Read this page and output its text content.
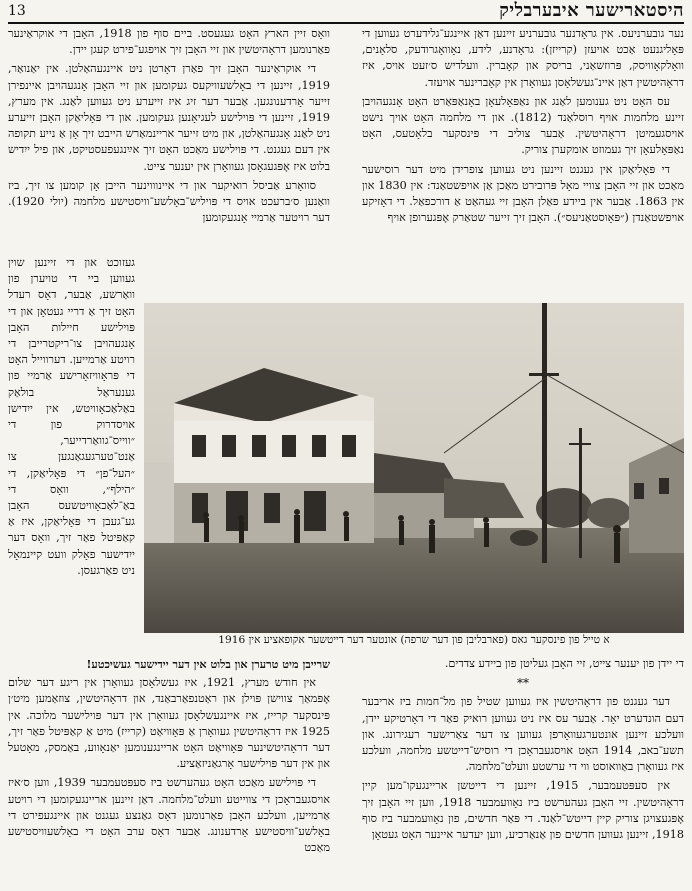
13	היסטארישער איבערבליק

נער גובערניעס. אין גראָדנער גובערניע זיינען דאַן איינגע־גלידערט געווען די פּאָליגנעט אַכט אויעזן (קרייזן): גראָדנע, לידע, נאָוואָגרודעק, סלאָנים, וואָלקאָוויסק, פּרוזשאַני, בריסק און קאָברין. וועלדיש ס׳זעט אויס, איז דראָהיטשין דאַן איינ־געשלאָסן געוואָרן אין קאָברינער אויעזד.

עס האָט ניט גענומען לאַנג און נאַפּאָלעאָן באָנאַפּאַרט האָט אָנגעהויבן זיינע מלחמות אויף רוסלאַנד (1812). און די מלחמה האָט אויך נישט אויסגעמיטן דראָהיטשין. אַבער צוליב די פּינסקער בלאָטעס, האָט נאַפּאָלעאָן זיך געמוזט אומקערן צוריק.

די פּאָליאַקן אין געגנט זיינען ניט געווען צופרידן מיט דער רוסישער מאַכט און זיי האָבן צוויי מאָל פּרובירט מאַכן אַן אויפשטאַנד: אין 1830 און אין 1863. אַבער אין ביידע פאַלן האָבן זיי געהאַט אַ דורכפאַל. די דאָזיקע אויפשטאַנדן (״פּאָוסטאַניעס״). האָבן זיך זייער שטאַרק אָפּגערופן אויף

וואָס זיין הארץ האָט געגעסט. ביים סוף פון 1918, האָבן די אוקראַינער פאַרנומען דראָהיטשין און זיי האָבן זיך אויפגע־פירט קעגן יידן.

די אוקראַינער האָבן זיך פאַרן דאָרטן ניט איינגעהאַלטן. אין יאַנואַר, 1919, זיינען די באָלשעוויקעס געקומען און זיי האָבן אָנגעהויבן איינפירן זייער אָרדענונגען. אַבער דער זיג איז זייערע ניט געווען לאַנג. אין מערץ, 1919, זיינען די פּוילישע לעגיאָנען געקומען. און די פּאָליאַקן האָבן זייערע ניט לאַנג אָנגעהאַלטן, און מיט זייער אריינמאַרש הייבט זיך אָן אַ נייע תקופה אין דעם געגנט. די פּוילישע מאַכט האָט זיך אײַנגעפעסטיקט, און פיל ייִדיש בלוט איז אָפּגעגאָסן געוואָרן אין יענער צייט.

סוואָרע אַביסל רואיקער און די איינוווינער הייבן אָן קומען צו זיך, ביז וואַנען ס׳ברעכט אויס די פּויליש־באָלשע־וויסטישע מלחמה (יולי 1920). דער רויטער אַרמיי אָנגעקומען

געזוכט און די זיינען שוין געווען ביי די טויערן פון וואַרשע, אַבער, דאָס רעדל האָט זיך אַ דריי געטאָן און די פּוילישע חיילות האָבן אָנגעהויבן צו־ריקטרייבן די רויטע אַרמייען. דערווייל האָט די פּראָוויזאָרישע אַרמיי פון גענעראַל בולאַק באַלאַכאָוויטש, אין ייִדישן אויסדרוק פון די ״ווייס־גוואַרדייער, אַנט־טערגעגאַנגען צו ״העל־פן״ די פּאָליאַקן, די ״הילף״, וואָס די באַ־לאַכאָוויטשעס האָבן גע־געבן די פּאָליאַקן, איז אַ קאַפּיטל פאַר זיך, וואָס דער ייִדישער פאָלק וועט קיינמאָל ניט פאַרגעסן.

א טייל פון פינסקער גאס (פארבליבן פון דער שרפה) אונטער דער דייטשער אקופאציע אין 1916

שרייבן מיט טרערן און בלוט אין דער יידישער געשיכטע!

אין חודש מערץ, 1921, איז געשלאָסן געוואָרן אין ריגע דער שלום אָפּמאַך צווישן פּוילן און ראַטנפאַרבאַנד, און דראָהיטשין, צוזאַמען מיט׳ן פּינסקער קרייז, איז איינגעשלאָסן געוואָרן אין דער פּוילישער מלוכה. אין 1925 איז דראָהיטשין געוואָרן אַ פּאָוויאַט (קרייז) מיט אַ קאַפּיטל פאַר זיך, דער דראָהיטשינער פּאָוויאַט האָט אריינגענומען יאַנאָווע, באַמסק, מאָטעל און אין דער פּוילישער אָרגאַניזאַציע.

די פּוילישע מאַכט האָט געהערשט ביז סעפּטעמבער 1939, ווען ס׳איז אויסגעבראָכן די צווייטע וועלט־מלחמה. דאַן זיינען אריינגעקומען די רויטע אַרמייען, וועלכע האָבן פאַרנומען דאָס גאַנצע געגנט און איינגעפירט די באָלשע־וויסטישע אָרדענונג. אַבער דאָס ערב האָט די באָלשעוויסטישע מאַכט

די יידן פון יענער צייט, זיי האָבן געליטן פון ביידע צדדים.

**

דער געגנט פון דראָהיטשין איז געווען שטיל פון מל־חמות ביז אריבער דעם הונדערט יאָר. אַבער עס איז ניט געווען רואיק פאַר די דאָרטיקע יידן, וועלכע זיינען אונטערגעוואָרפן געווען צו דער צאַרישער רעגירונג. און תשע־באב, 1914 האָט אויסגעבראָכן די רוסיש־דייטשע מלחמה, וועלכע איז געוואָרן באַוואוסט ווי די ערשטע וועלט־מלחמה.

אין סעפּטעמבער, 1915, זיינען די דייטשן אריינגעקו־מען קיין דראָהיטשין. זיי האָבן געהערשט ביז נאָוועמבער 1918, ווען זיי האָבן זיך אָפּגעצויגן צוריק קיין דייטש־לאַנד. די פּאַר חדשים, פון נאָוועמבער ביז סוף 1918, זיינען געווען חדשים פון אַנאַרכיע, ווען יעדער איינער האָט געטאָן
